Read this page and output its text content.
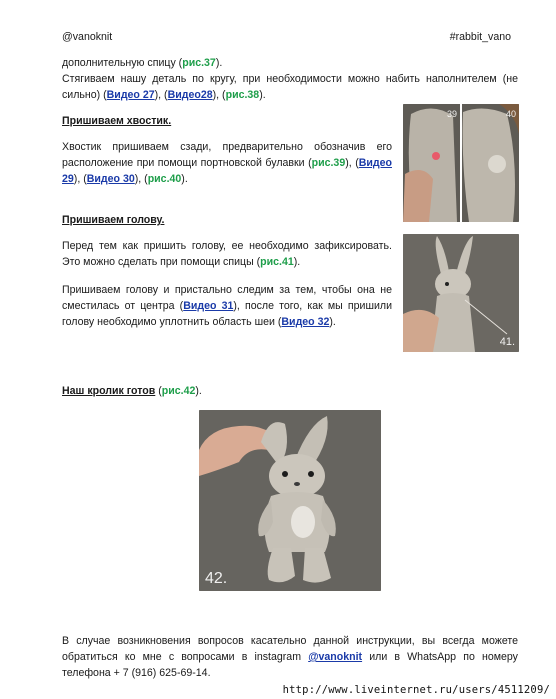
@vanoknit	#rabbit_vano
дополнительную спицу (рис.37).
Стягиваем нашу деталь по кругу, при необходимости можно набить наполнителем (не сильно) (Видео 27), (Видео28), (рис.38).
Пришиваем хвостик.
Хвостик пришиваем сзади, предварительно обозначив его расположение при помощи портновской булавки (рис.39), (Видео 29), (Видео 30), (рис.40).
39	40
Пришиваем голову.
Перед тем как пришить голову, ее необходимо зафиксировать. Это можно сделать при помощи спицы (рис.41).
Пришиваем голову и пристально следим за тем, чтобы она не сместилась от центра (Видео 31), после того, как мы пришили голову необходимо уплотнить область шеи (Видео 32).
41.
Наш кролик готов (рис.42).
42.
В случае возникновения вопросов касательно данной инструкции, вы всегда можете обратиться ко мне с вопросами в instagram @vanoknit или в WhatsApp по номеру телефона + 7 (916) 625-69-14.
http://www.liveinternet.ru/users/4511209/
